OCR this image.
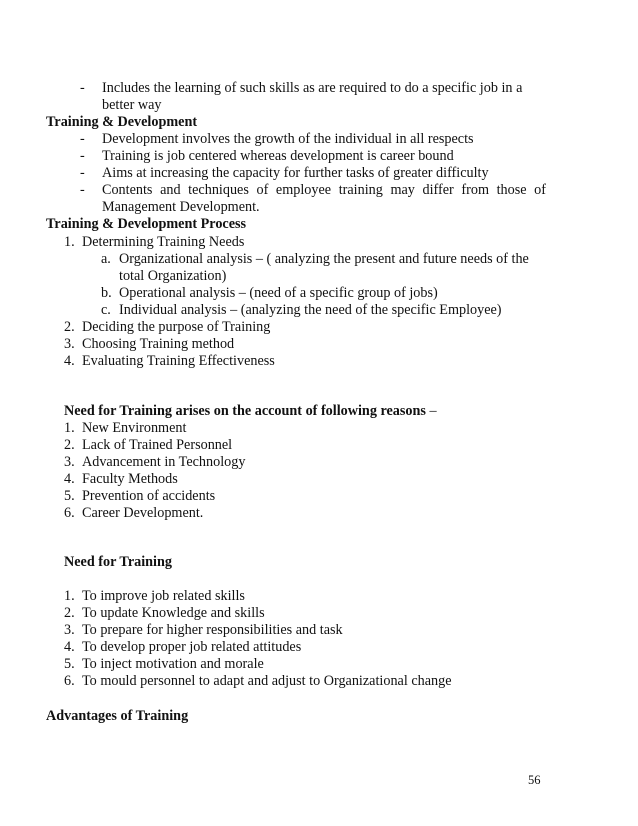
- Includes the learning of such skills as are required to do a specific job in a
better way
Training & Development
- Development involves the growth of the individual in all respects
- Training is job centered whereas development is career bound
- Aims at increasing the capacity for further tasks of greater difficulty
- Contents and techniques of employee training may differ from those of
Management Development.
Training & Development Process
1. Determining Training Needs
a. Organizational analysis – ( analyzing the present and future needs of the
total Organization)
b. Operational analysis – (need of a specific group of jobs)
c. Individual analysis – (analyzing the need of the specific Employee)
2. Deciding the purpose of Training
3. Choosing Training method
4. Evaluating Training Effectiveness
Need for Training arises on the account of following reasons –
1. New Environment
2. Lack of Trained Personnel
3. Advancement in Technology
4. Faculty Methods
5. Prevention of accidents
6. Career Development.
Need for Training
1. To improve job related skills
2. To update Knowledge and skills
3. To prepare for higher responsibilities and task
4. To develop proper job related attitudes
5. To inject motivation and morale
6. To mould personnel to adapt and adjust to Organizational change
Advantages of Training
56
